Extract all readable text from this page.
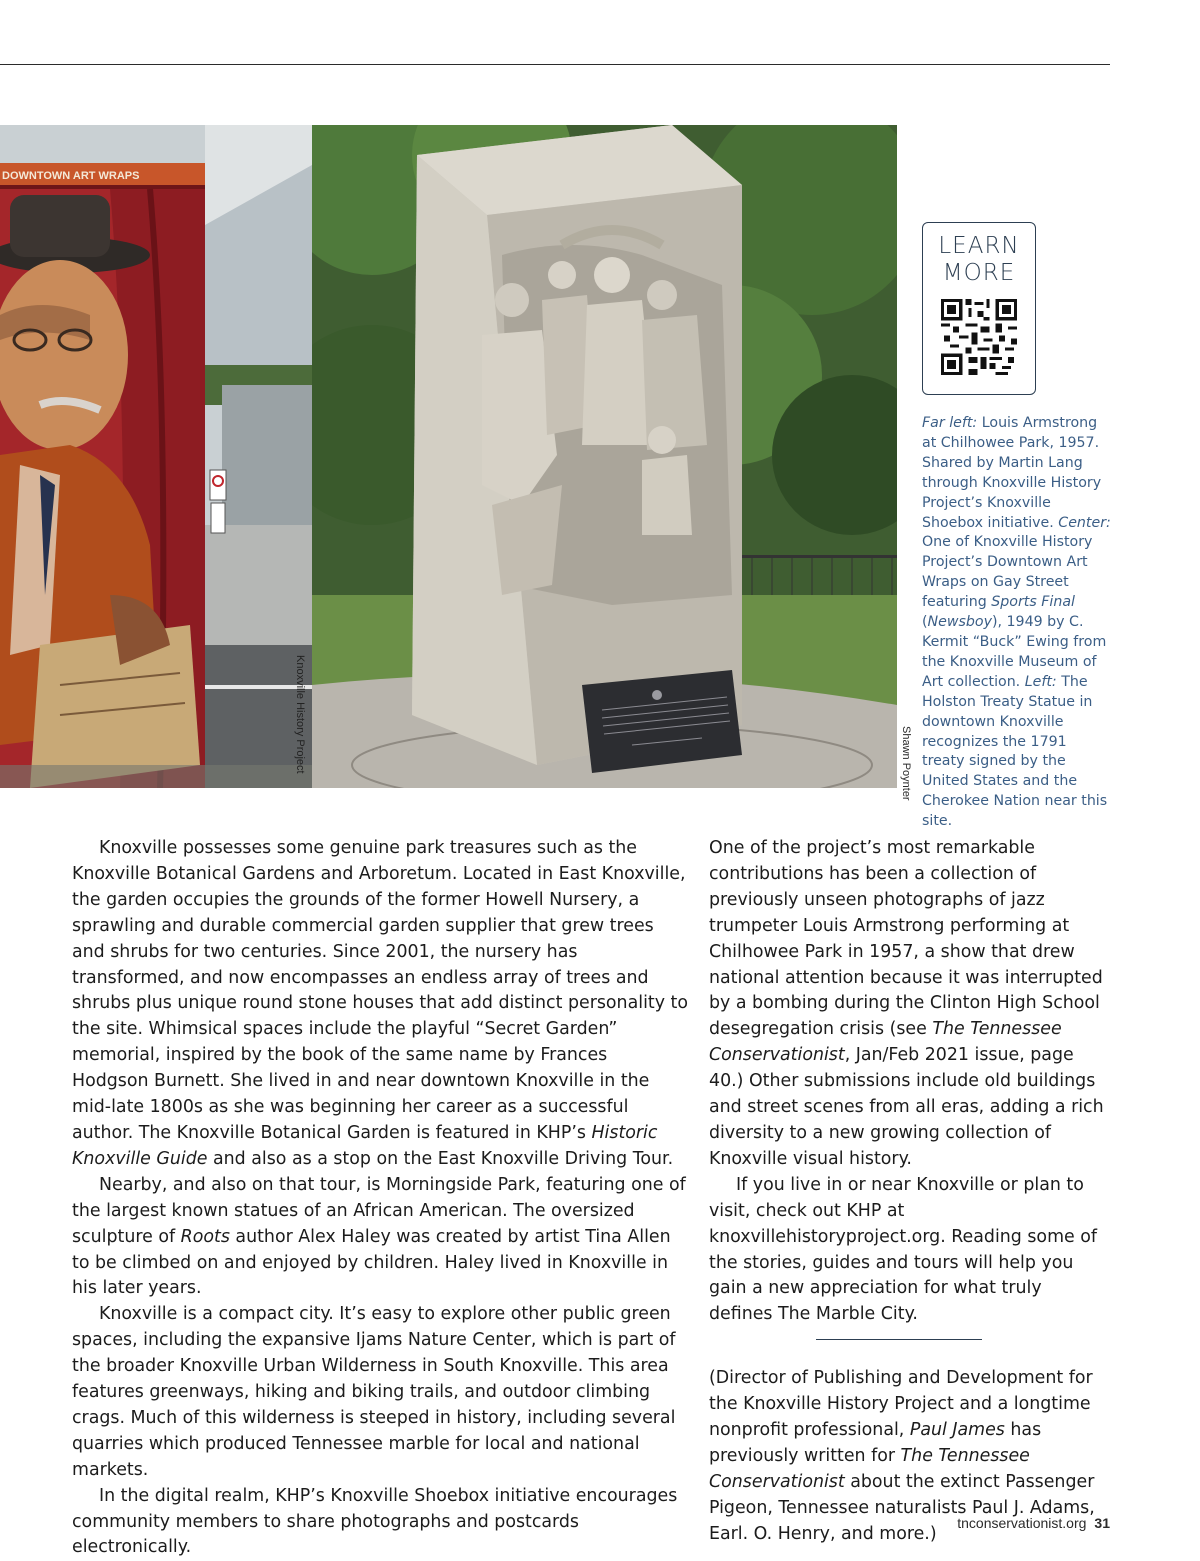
DOWNTOWN ART WRAPS
Knoxville History Project	Shawn Poynter
LEARN
MORE
Far left: Louis Armstrong at Chilhowee Park, 1957. Shared by Martin Lang through Knoxville History Project’s Knoxville Shoebox initiative. Center: One of Knoxville History Project’s Downtown Art Wraps on Gay Street featuring Sports Final (Newsboy), 1949 by C. Kermit “Buck” Ewing from the Knoxville Museum of Art collection. Left: The Holston Treaty Statue in downtown Knoxville recognizes the 1791 treaty signed by the United States and the Cherokee Nation near this site.

Knoxville possesses some genuine park treasures such as the Knoxville Botanical Gardens and Arboretum. Located in East Knoxville, the garden occupies the grounds of the former Howell Nursery, a sprawling and durable commercial garden supplier that grew trees and shrubs for two centuries. Since 2001, the nursery has transformed, and now encompasses an endless array of trees and shrubs plus unique round stone houses that add distinct personality to the site. Whimsical spaces include the playful “Secret Garden” memorial, inspired by the book of the same name by Frances Hodgson Burnett. She lived in and near downtown Knoxville in the mid-late 1800s as she was beginning her career as a successful author. The Knoxville Botanical Garden is featured in KHP’s Historic Knoxville Guide and also as a stop on the East Knoxville Driving Tour.

Nearby, and also on that tour, is Morningside Park, featuring one of the largest known statues of an African American. The oversized sculpture of Roots author Alex Haley was created by artist Tina Allen to be climbed on and enjoyed by children. Haley lived in Knoxville in his later years.

Knoxville is a compact city. It’s easy to explore other public green spaces, including the expansive Ijams Nature Center, which is part of the broader Knoxville Urban Wilderness in South Knoxville. This area features greenways, hiking and biking trails, and outdoor climbing crags. Much of this wilderness is steeped in history, including several quarries which produced Tennessee marble for local and national markets.

In the digital realm, KHP’s Knoxville Shoebox initiative encourages community members to share photographs and postcards electronically.

One of the project’s most remarkable contributions has been a collection of previously unseen photographs of jazz trumpeter Louis Armstrong performing at Chilhowee Park in 1957, a show that drew national attention because it was interrupted by a bombing during the Clinton High School desegregation crisis (see The Tennessee Conservationist, Jan/Feb 2021 issue, page 40.) Other submissions include old buildings and street scenes from all eras, adding a rich diversity to a new growing collection of Knoxville visual history.

If you live in or near Knoxville or plan to visit, check out KHP at knoxvillehistoryproject.org. Reading some of the stories, guides and tours will help you gain a new appreciation for what truly defines The Marble City.

(Director of Publishing and Development for the Knoxville History Project and a longtime nonprofit professional, Paul James has previously written for The Tennessee Conservationist about the extinct Passenger Pigeon, Tennessee naturalists Paul J. Adams, Earl. O. Henry, and more.)

tnconservationist.org 31
